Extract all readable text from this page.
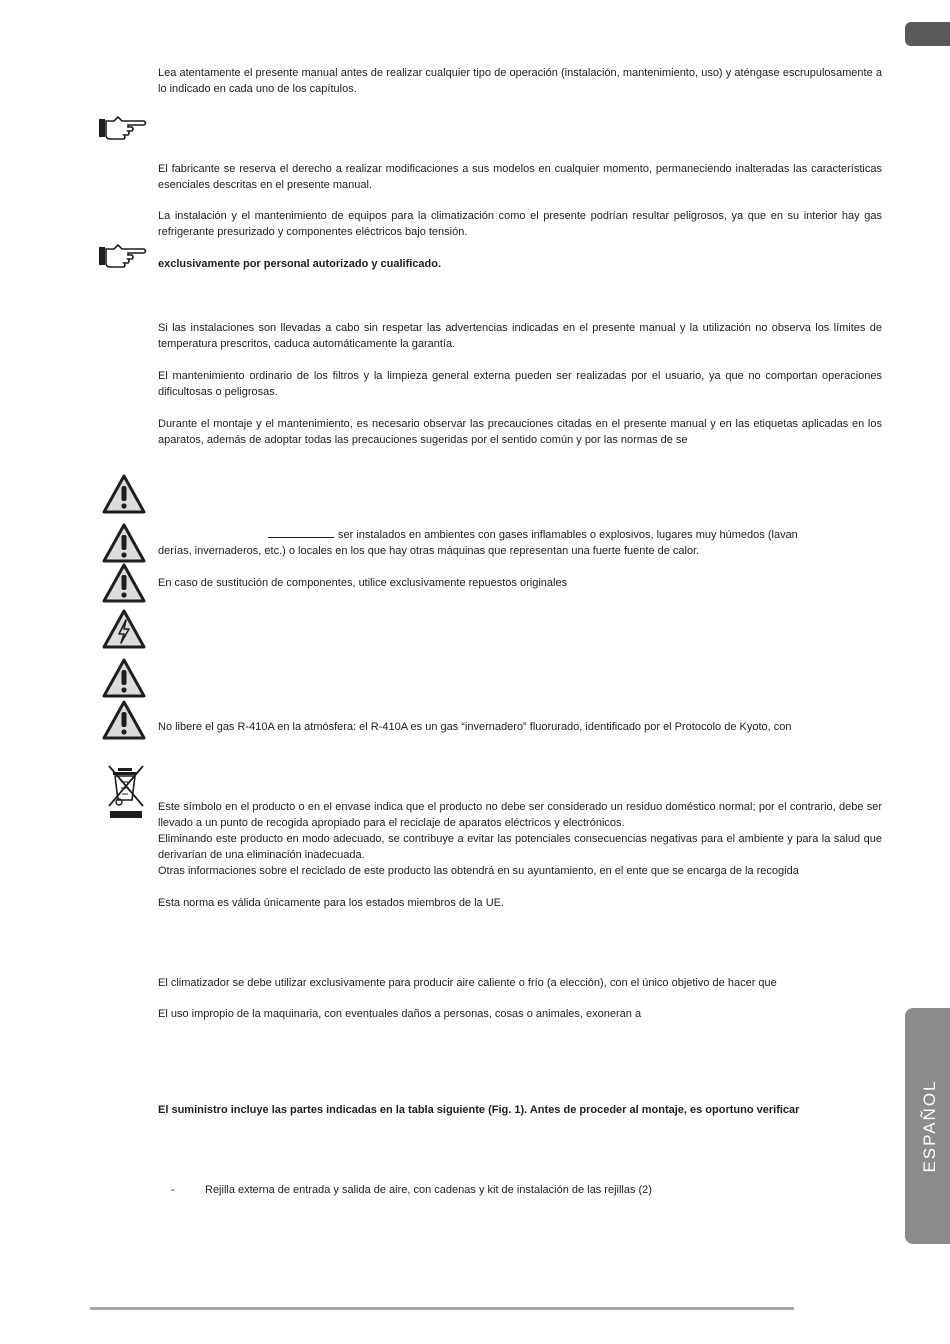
ESPAÑOL

Lea atentamente el presente manual antes de realizar cualquier tipo de operación (instalación, mantenimiento, uso) y aténgase escrupulosamente a lo indicado en cada uno de los capítulos.

El fabricante se reserva el derecho a realizar modificaciones a sus modelos en cualquier momento, permaneciendo inalteradas las características esenciales descritas en el presente manual.

La instalación y el mantenimiento de equipos para la climatización como el presente podrían resultar peligrosos, ya que en su interior hay gas refrigerante presurizado y componentes eléctricos bajo tensión.

exclusivamente por personal autorizado y cualificado.

Si las instalaciones son llevadas a cabo sin respetar las advertencias indicadas en el presente manual y la utilización no observa los límites de temperatura prescritos, caduca automáticamente la garantía.

El mantenimiento ordinario de los filtros y la limpieza general externa pueden ser realizadas por el usuario, ya que no comportan operaciones dificultosas o peligrosas.

Durante el montaje y el mantenimiento, es necesario observar las precauciones citadas en el presente manual y en las etiquetas aplicadas en los aparatos, además de adoptar todas las precauciones sugeridas por el sentido común y por las normas de se

ser instalados en ambientes con gases inflamables o explosivos, lugares muy húmedos (lavan

derías, invernaderos, etc.) o locales en los que hay otras máquinas que representan una fuerte fuente de calor.

En caso de sustitución de componentes, utilice exclusivamente repuestos originales

No libere el gas R-410A en la atmósfera: el R-410A es un gas “invernadero” fluorurado, identificado por el Protocolo de Kyoto, con

Este símbolo en el producto o en el envase indica que el producto no debe ser considerado un residuo doméstico normal; por el contrario, debe ser llevado a un punto de recogida apropiado para el reciclaje de aparatos eléctricos y electrónicos.

Eliminando este producto en modo adecuado, se contribuye a evitar las potenciales consecuencias negativas para el ambiente y para la salud que derivarían de una eliminación inadecuada.

Otras informaciones sobre el reciclado de este producto las obtendrá en su ayuntamiento, en el ente que se encarga de la recogida

Esta norma es válida únicamente para los estados miembros de la UE.

El climatizador se debe utilizar exclusivamente para producir aire caliente o frío (a elección), con el único objetivo de hacer que

El uso impropio de la maquinaria, con eventuales daños a personas, cosas o animales, exoneran a

El suministro incluye las partes indicadas en la tabla siguiente (Fig. 1). Antes de proceder al montaje, es oportuno verificar

-	Rejilla externa de entrada y salida de aire, con cadenas y kit de instalación de las rejillas (2)
